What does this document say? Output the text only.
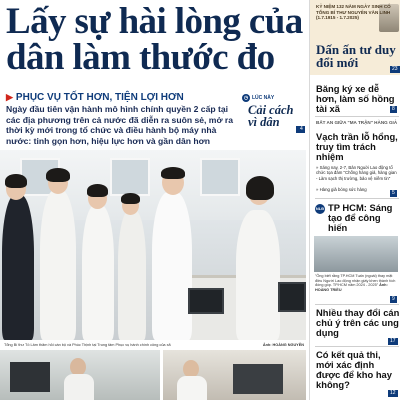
Lấy sự hài lòng của dân làm thước đo
▶ PHỤC VỤ TỐT HƠN, TIỆN LỢI HƠN
Ngày đầu tiên vận hành mô hình chính quyền 2 cấp tại các địa phương trên cả nước đã diễn ra suôn sẻ, mở ra thời kỳ mới trong tổ chức và điều hành bộ máy nhà nước: tinh gọn hơn, hiệu lực hơn và gần dân hơn
◷ LÚC NÀY
Cải cách vì dân	4
Tổng Bí thư Tô Lâm thăm hỏi cán bộ và Phúc Thịnh tại Trung tâm Phục vụ hành chính công của xã	Ảnh: HOÀNG NGUYỄN
KỶ NIỆM 132 NĂM NGÀY SINH CỐ TỔNG BÍ THƯ NGUYỄN VĂN LINH (1.7.1915 - 1.7.2025)
Dấn ấn tư duy đổi mới	23
Băng ký xe dễ hơn, làm số hồng tài xã	8
BẤT AN GIỮA "MA TRẬN" HÀNG GIẢ
Vạch trần lỗ hổng, truy tìm trách nhiệm
» Sáng nay, 2-7, Bản Nguời Lao động tổ chức tọa đàm "Chống hàng giả, hàng gian - Làm sạch thị trường, bảo vệ niềm tin"
» Hàng giả bóng sức hàng
5
NLĐ TP HCM: Sáng tạo để công hiến
"Ông biết rằng TP.HCM Tuấn (ngoài) thay mặt điều Người Lao động nhận giấy khen thành tích đóng góp. TP.HCM năm 2024 - 2025" Ảnh: HOÀNG TRIỀU
9
Nhiều thay đổi cán chủ ý trên các ung dụng
17
Có kết quả thi, mới xác định được để kho hay không?
12
